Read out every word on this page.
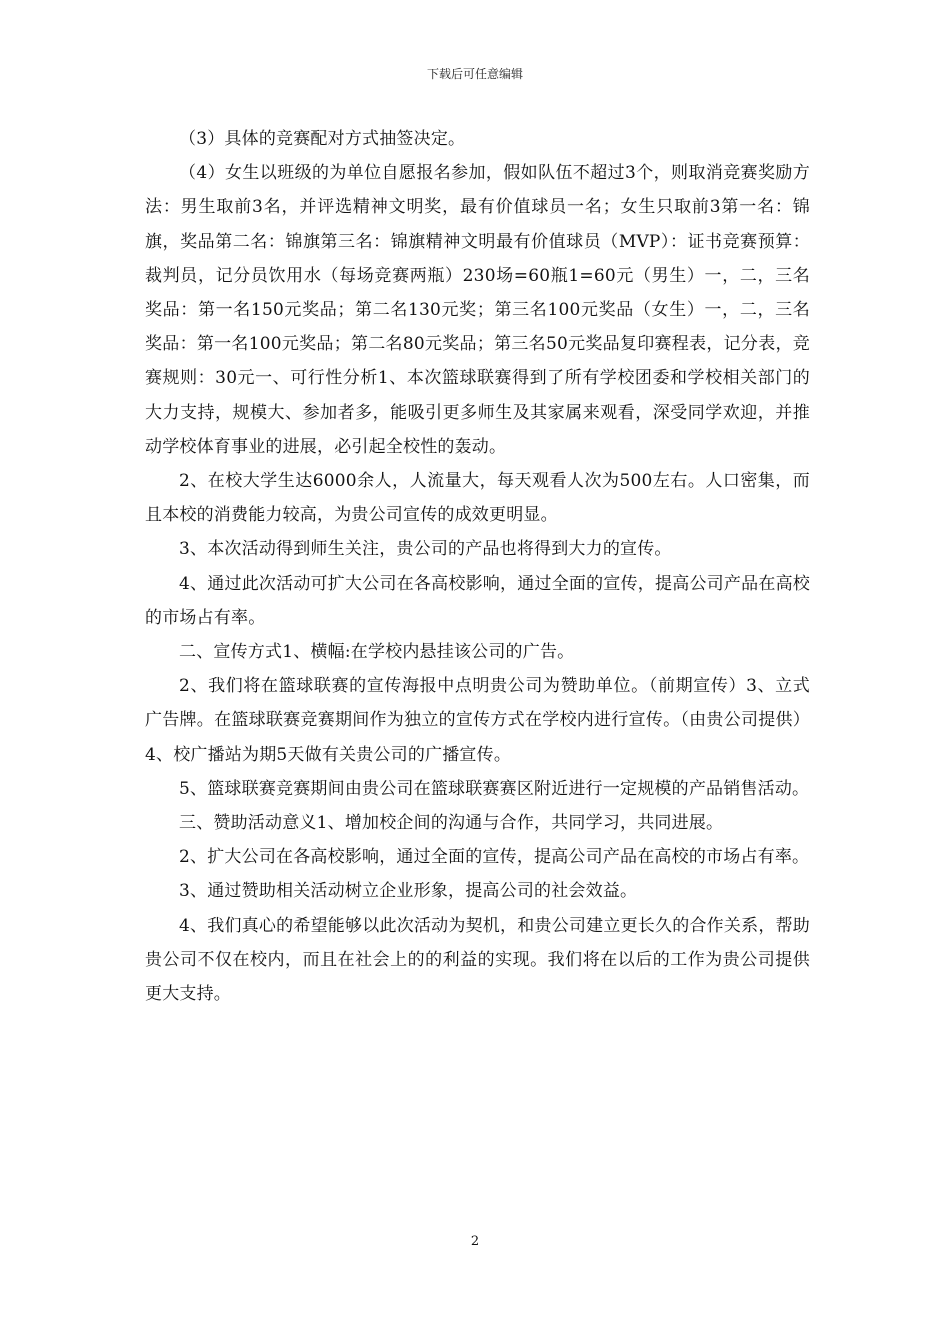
下载后可任意编辑

（3）具体的竞赛配对方式抽签决定。

（4）女生以班级的为单位自愿报名参加，假如队伍不超过3个，则取消竞赛奖励方法：男生取前3名，并评选精神文明奖，最有价值球员一名；女生只取前3第一名：锦旗，奖品第二名：锦旗第三名：锦旗精神文明最有价值球员（MVP）：证书竞赛预算：裁判员，记分员饮用水（每场竞赛两瓶）230场=60瓶1=60元（男生）一，二，三名奖品：第一名150元奖品；第二名130元奖；第三名100元奖品（女生）一，二，三名奖品：第一名100元奖品；第二名80元奖品；第三名50元奖品复印赛程表，记分表，竞赛规则：30元一、可行性分析1、本次篮球联赛得到了所有学校团委和学校相关部门的大力支持，规模大、参加者多，能吸引更多师生及其家属来观看，深受同学欢迎，并推动学校体育事业的进展，必引起全校性的轰动。

2、在校大学生达6000余人，人流量大，每天观看人次为500左右。人口密集，而且本校的消费能力较高，为贵公司宣传的成效更明显。

3、本次活动得到师生关注，贵公司的产品也将得到大力的宣传。

4、通过此次活动可扩大公司在各高校影响，通过全面的宣传，提高公司产品在高校的市场占有率。

二、宣传方式1、横幅:在学校内悬挂该公司的广告。

2、我们将在篮球联赛的宣传海报中点明贵公司为赞助单位。（前期宣传）3、立式广告牌。在篮球联赛竞赛期间作为独立的宣传方式在学校内进行宣传。（由贵公司提供）4、校广播站为期5天做有关贵公司的广播宣传。

5、篮球联赛竞赛期间由贵公司在篮球联赛赛区附近进行一定规模的产品销售活动。

三、赞助活动意义1、增加校企间的沟通与合作，共同学习，共同进展。

2、扩大公司在各高校影响，通过全面的宣传，提高公司产品在高校的市场占有率。

3、通过赞助相关活动树立企业形象，提高公司的社会效益。

4、我们真心的希望能够以此次活动为契机，和贵公司建立更长久的合作关系，帮助贵公司不仅在校内，而且在社会上的的利益的实现。我们将在以后的工作为贵公司提供更大支持。

2
